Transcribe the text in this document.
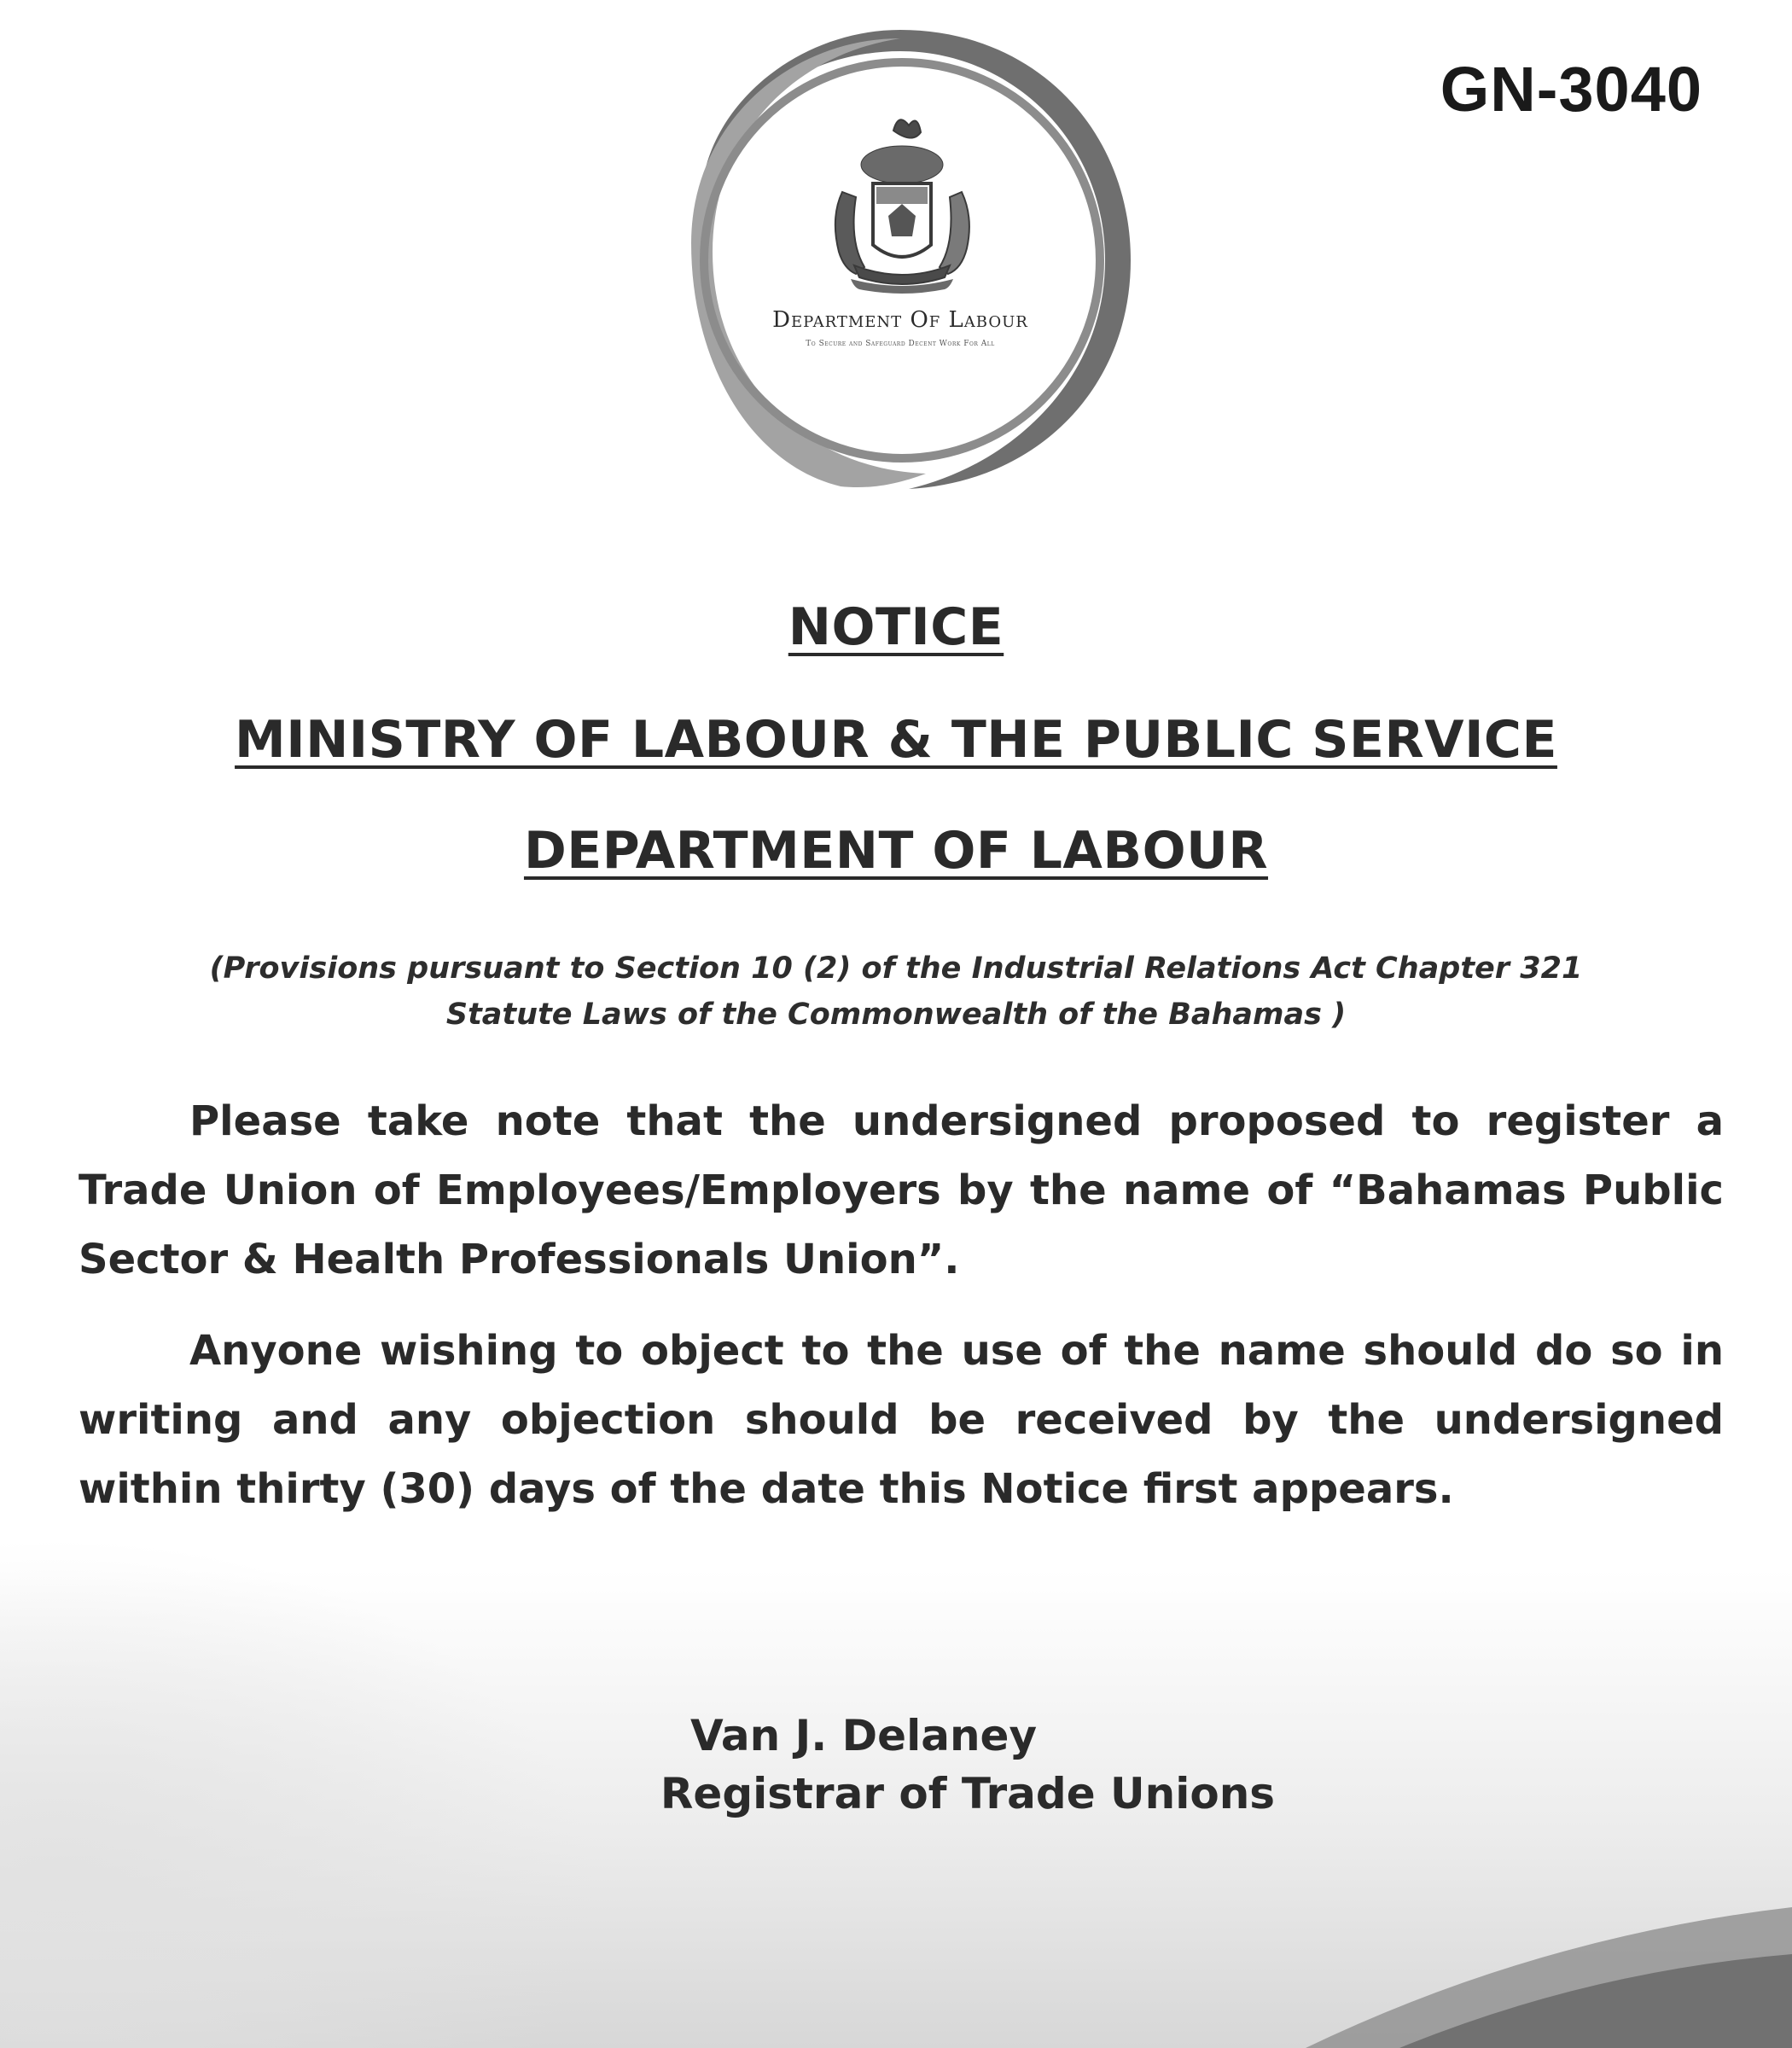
GN-3040
Department Of Labour
To Secure and Safeguard Decent Work For All
NOTICE
MINISTRY OF LABOUR & THE PUBLIC SERVICE
DEPARTMENT OF LABOUR
(Provisions pursuant to Section 10 (2) of the Industrial Relations Act Chapter 321
Statute Laws of the Commonwealth of the Bahamas )
Please take note that the undersigned proposed to register a Trade Union of Employees/Employers by the name of “Bahamas Public Sector & Health Professionals Union”.
Anyone wishing to object to the use of the name should do so in writing and any objection should be received by the undersigned within thirty (30) days of the date this Notice first appears.
Van J. Delaney
Registrar of Trade Unions
